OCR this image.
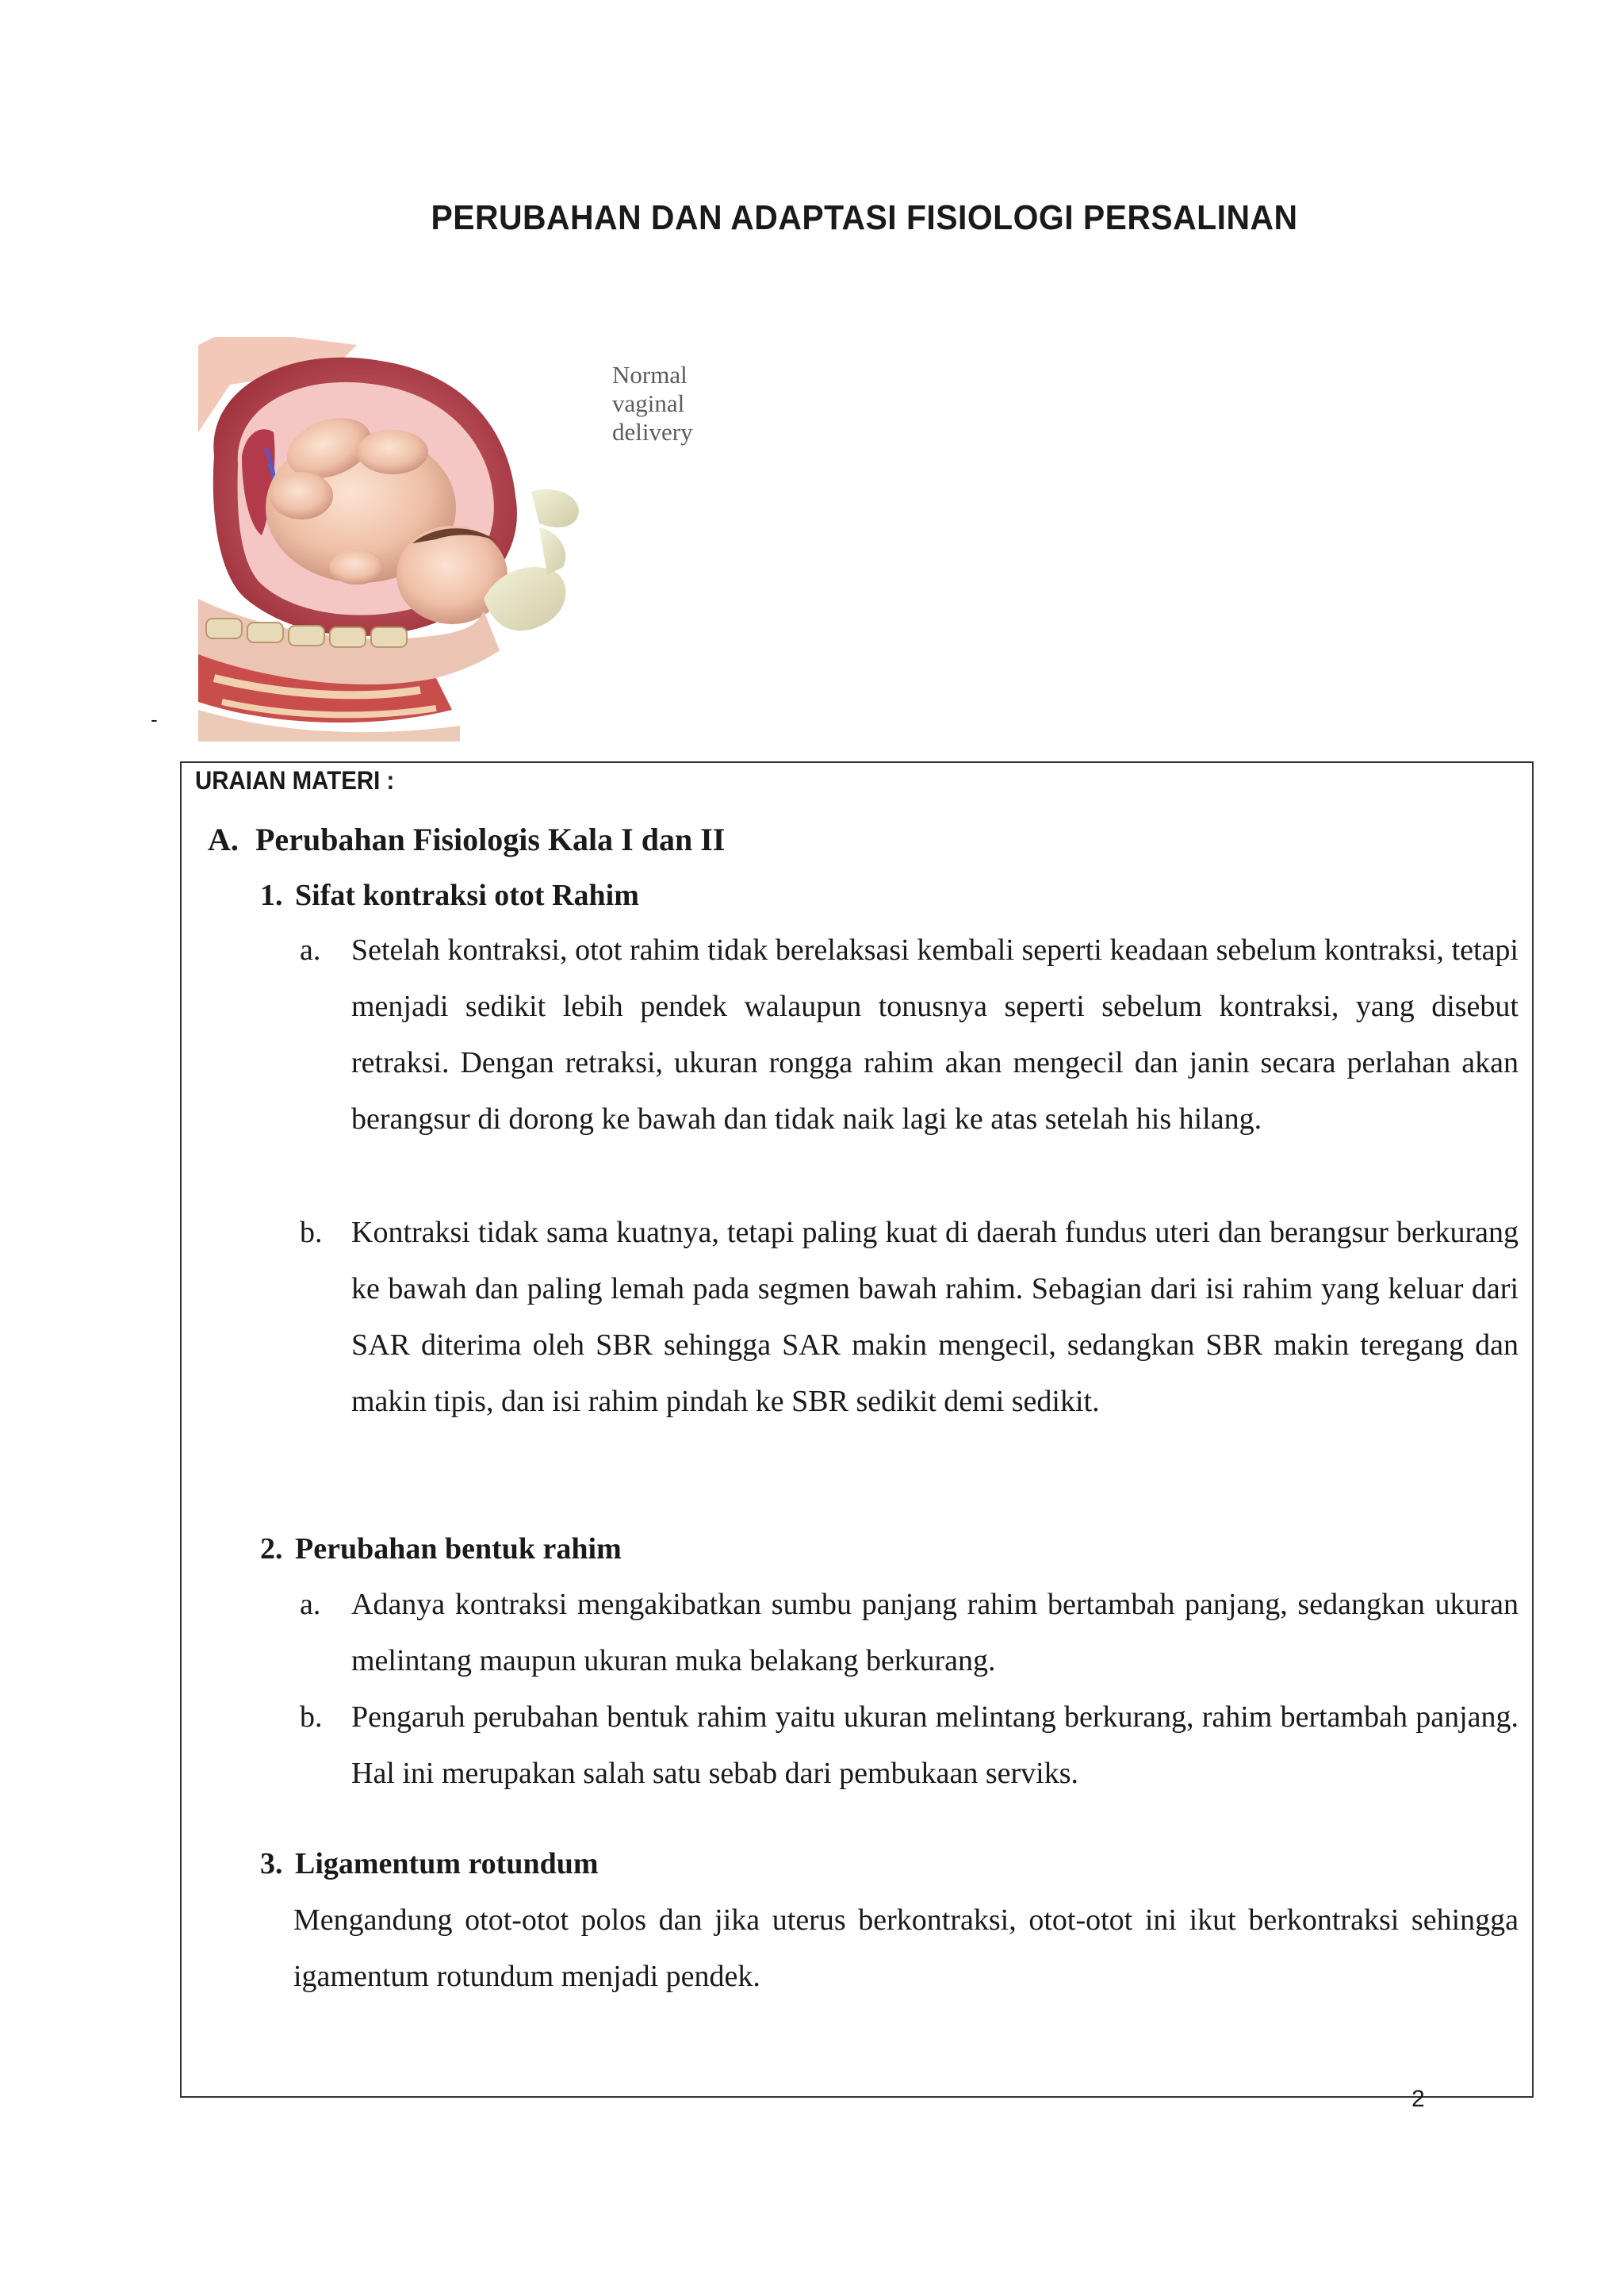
PERUBAHAN DAN ADAPTASI FISIOLOGI PERSALINAN
Normal
vaginal
delivery
-
URAIAN MATERI :
A. Perubahan Fisiologis Kala I dan II
1. Sifat kontraksi otot Rahim
a.	Setelah kontraksi, otot rahim tidak berelaksasi kembali seperti keadaan sebelum kontraksi, tetapi menjadi sedikit lebih pendek walaupun tonusnya seperti sebelum kontraksi, yang disebut retraksi. Dengan retraksi, ukuran rongga rahim akan mengecil dan janin secara perlahan akan berangsur di dorong ke bawah dan tidak naik lagi ke atas setelah his hilang.
b. Kontraksi tidak sama kuatnya, tetapi paling kuat di daerah fundus uteri dan berangsur berkurang ke bawah dan paling lemah pada segmen bawah rahim. Sebagian dari isi rahim yang keluar dari SAR diterima oleh SBR sehingga SAR makin mengecil, sedangkan SBR makin teregang dan makin tipis, dan isi rahim pindah ke SBR sedikit demi sedikit.
2. Perubahan bentuk rahim
a.	Adanya kontraksi mengakibatkan sumbu panjang rahim bertambah panjang, sedangkan ukuran melintang maupun ukuran muka belakang berkurang.
b. Pengaruh perubahan bentuk rahim yaitu ukuran melintang berkurang, rahim bertambah panjang. Hal ini merupakan salah satu sebab dari pembukaan serviks.
3. Ligamentum rotundum
Mengandung otot-otot polos dan jika uterus berkontraksi, otot-otot ini ikut berkontraksi sehingga igamentum rotundum menjadi pendek.
2
